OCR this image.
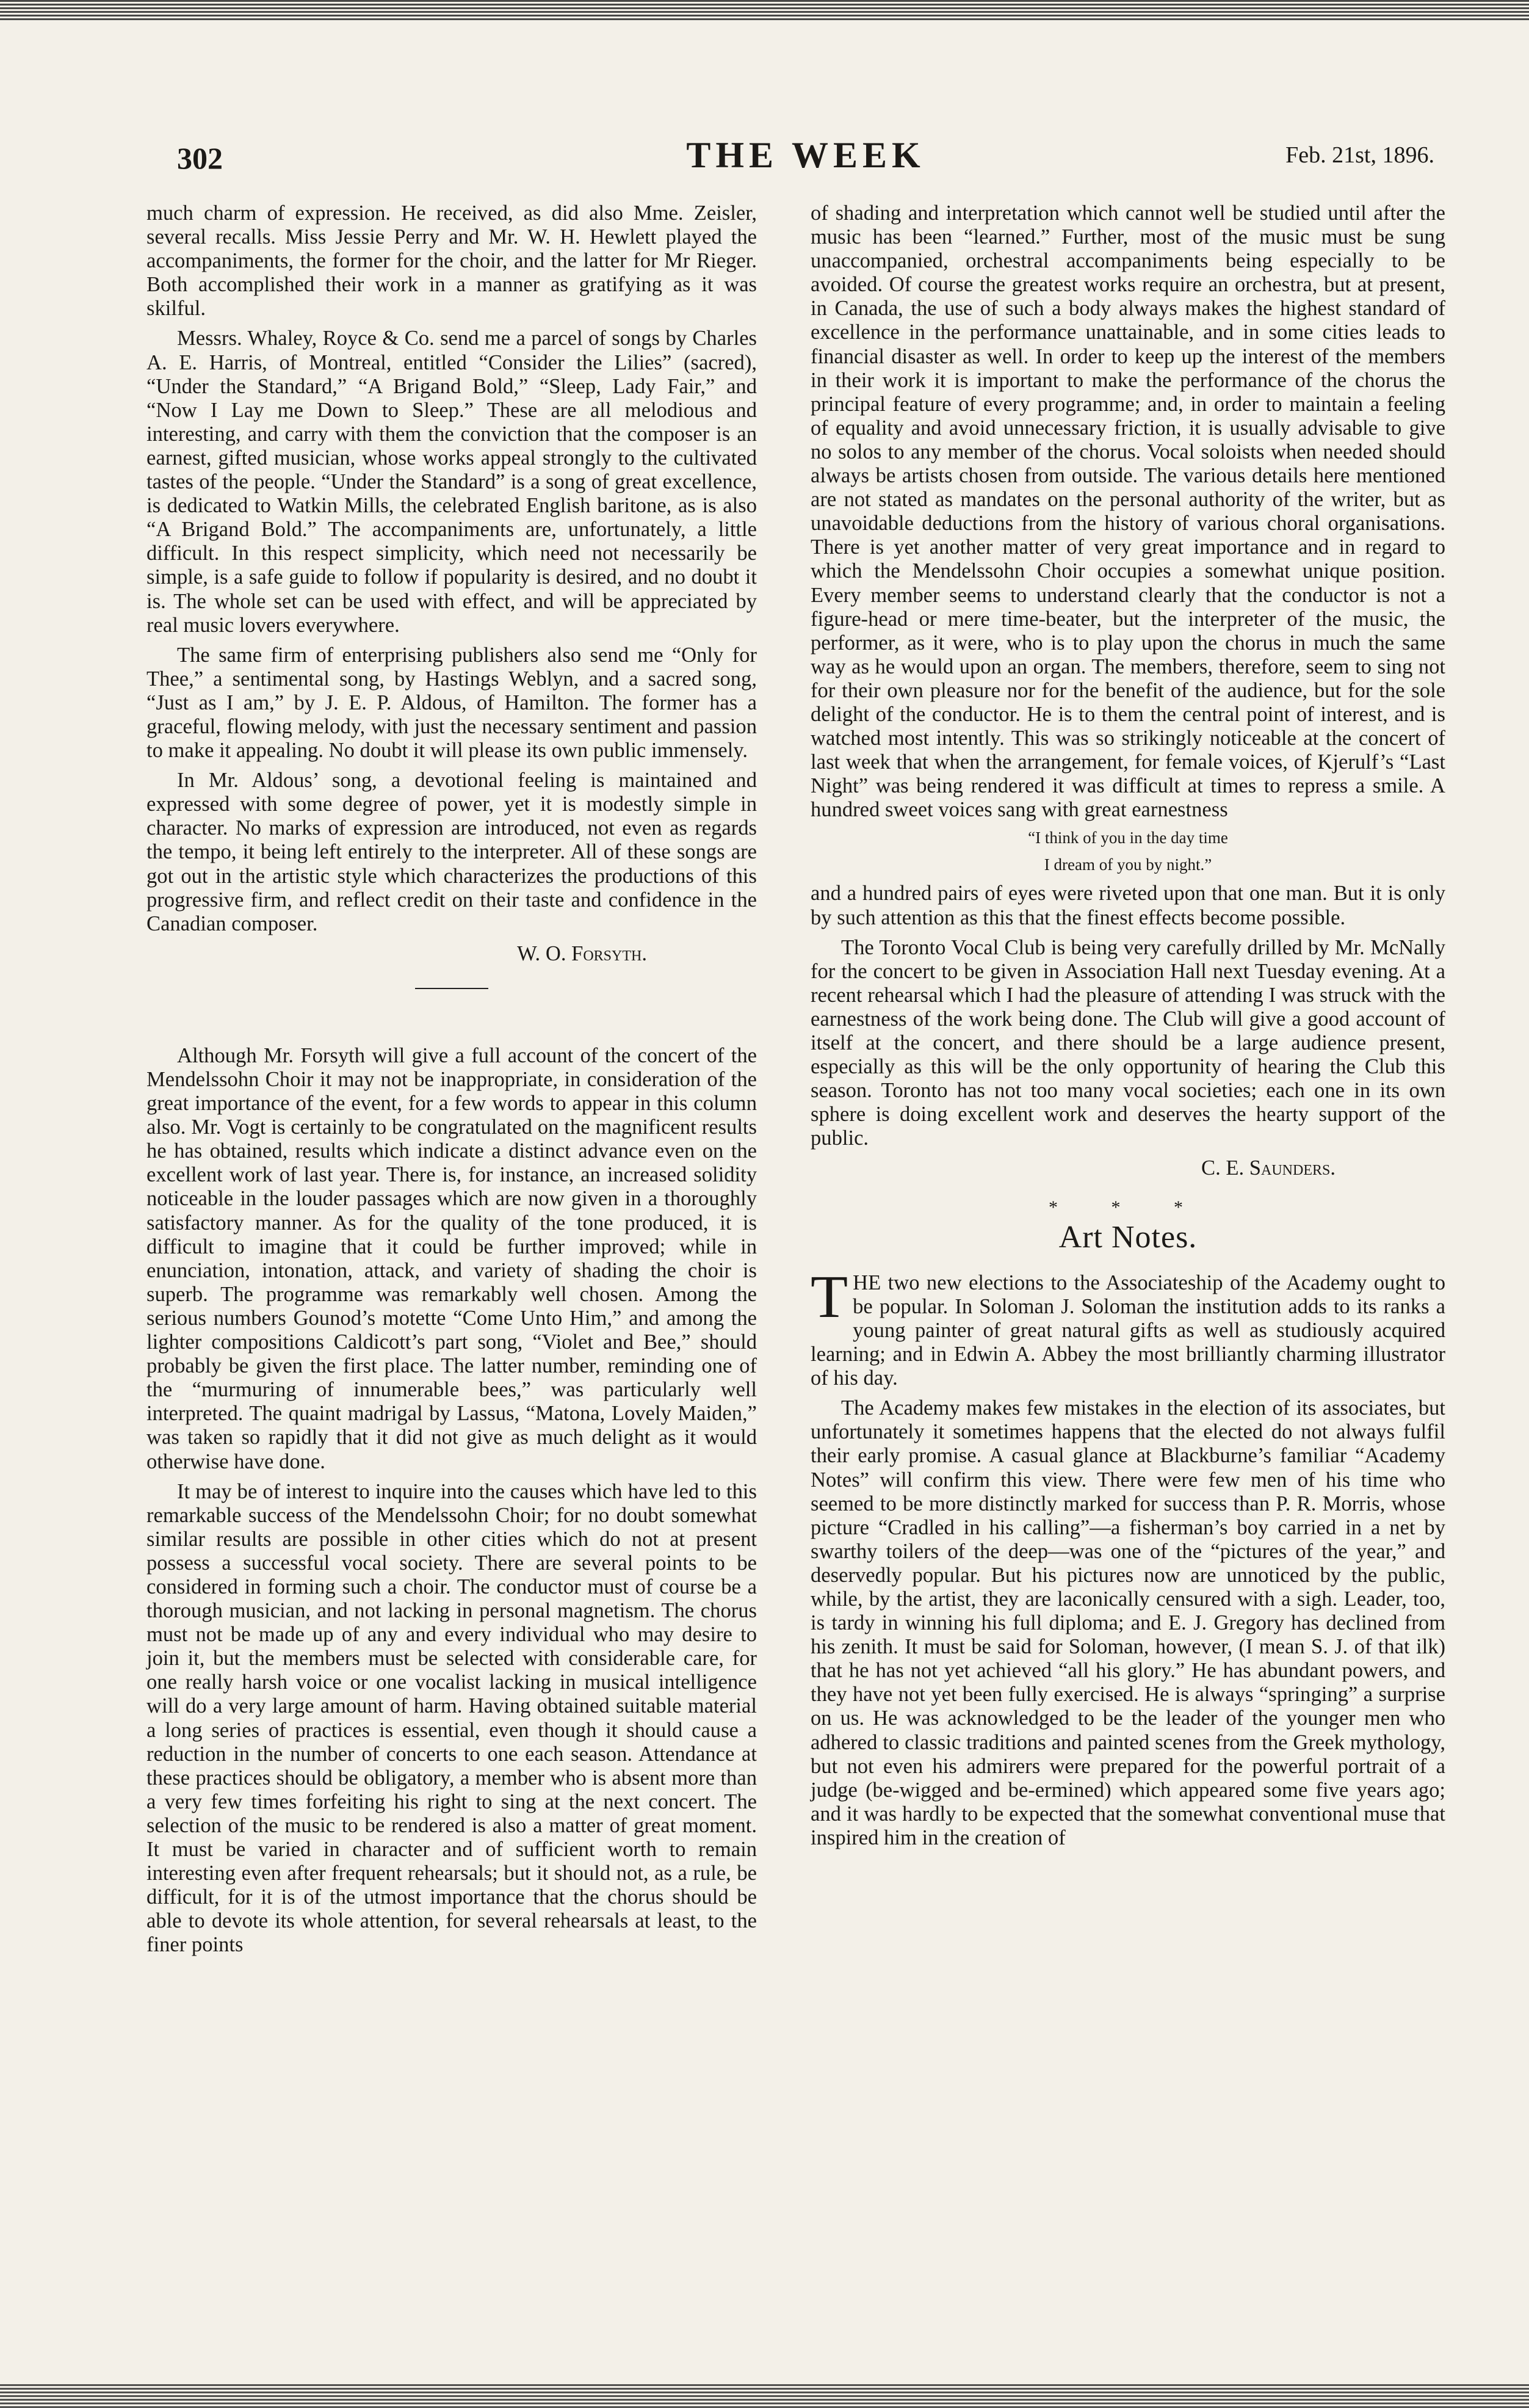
302	THE WEEK	Feb. 21st, 1896.

much charm of expression. He received, as did also Mme. Zeisler, several recalls. Miss Jessie Perry and Mr. W. H. Hewlett played the accompaniments, the former for the choir, and the latter for Mr Rieger. Both accomplished their work in a manner as gratifying as it was skilful.

Messrs. Whaley, Royce & Co. send me a parcel of songs by Charles A. E. Harris, of Montreal, entitled “Consider the Lilies” (sacred), “Under the Standard,” “A Brigand Bold,” “Sleep, Lady Fair,” and “Now I Lay me Down to Sleep.” These are all melodious and interesting, and carry with them the conviction that the composer is an earnest, gifted musician, whose works appeal strongly to the cultivated tastes of the people. “Under the Standard” is a song of great excellence, is dedicated to Watkin Mills, the celebrated English baritone, as is also “A Brigand Bold.” The accompaniments are, unfortunately, a little difficult. In this respect simplicity, which need not necessarily be simple, is a safe guide to follow if popularity is desired, and no doubt it is. The whole set can be used with effect, and will be appreciated by real music lovers everywhere.

The same firm of enterprising publishers also send me “Only for Thee,” a sentimental song, by Hastings Weblyn, and a sacred song, “Just as I am,” by J. E. P. Aldous, of Hamilton. The former has a graceful, flowing melody, with just the necessary sentiment and passion to make it appealing. No doubt it will please its own public immensely.

In Mr. Aldous’ song, a devotional feeling is maintained and expressed with some degree of power, yet it is modestly simple in character. No marks of expression are introduced, not even as regards the tempo, it being left entirely to the interpreter. All of these songs are got out in the artistic style which characterizes the productions of this progressive firm, and reflect credit on their taste and confidence in the Canadian composer.

W. O. Forsyth.

Although Mr. Forsyth will give a full account of the concert of the Mendelssohn Choir it may not be inappropriate, in consideration of the great importance of the event, for a few words to appear in this column also. Mr. Vogt is certainly to be congratulated on the magnificent results he has obtained, results which indicate a distinct advance even on the excellent work of last year. There is, for instance, an increased solidity noticeable in the louder passages which are now given in a thoroughly satisfactory manner. As for the quality of the tone produced, it is difficult to imagine that it could be further improved; while in enunciation, intonation, attack, and variety of shading the choir is superb. The programme was remarkably well chosen. Among the serious numbers Gounod’s motette “Come Unto Him,” and among the lighter compositions Caldicott’s part song, “Violet and Bee,” should probably be given the first place. The latter number, reminding one of the “murmuring of innumerable bees,” was particularly well interpreted. The quaint madrigal by Lassus, “Matona, Lovely Maiden,” was taken so rapidly that it did not give as much delight as it would otherwise have done.

It may be of interest to inquire into the causes which have led to this remarkable success of the Mendelssohn Choir; for no doubt somewhat similar results are possible in other cities which do not at present possess a successful vocal society. There are several points to be considered in forming such a choir. The conductor must of course be a thorough musician, and not lacking in personal magnetism. The chorus must not be made up of any and every individual who may desire to join it, but the members must be selected with considerable care, for one really harsh voice or one vocalist lacking in musical intelligence will do a very large amount of harm. Having obtained suitable material a long series of practices is essential, even though it should cause a reduction in the number of concerts to one each season. Attendance at these practices should be obligatory, a member who is absent more than a very few times forfeiting his right to sing at the next concert. The selection of the music to be rendered is also a matter of great moment. It must be varied in character and of sufficient worth to remain interesting even after frequent rehearsals; but it should not, as a rule, be difficult, for it is of the utmost importance that the chorus should be able to devote its whole attention, for several rehearsals at least, to the finer points

of shading and interpretation which cannot well be studied until after the music has been “learned.” Further, most of the music must be sung unaccompanied, orchestral accompaniments being especially to be avoided. Of course the greatest works require an orchestra, but at present, in Canada, the use of such a body always makes the highest standard of excellence in the performance unattainable, and in some cities leads to financial disaster as well. In order to keep up the interest of the members in their work it is important to make the performance of the chorus the principal feature of every programme; and, in order to maintain a feeling of equality and avoid unnecessary friction, it is usually advisable to give no solos to any member of the chorus. Vocal soloists when needed should always be artists chosen from outside. The various details here mentioned are not stated as mandates on the personal authority of the writer, but as unavoidable deductions from the history of various choral organisations. There is yet another matter of very great importance and in regard to which the Mendelssohn Choir occupies a somewhat unique position. Every member seems to understand clearly that the conductor is not a figure-head or mere time-beater, but the interpreter of the music, the performer, as it were, who is to play upon the chorus in much the same way as he would upon an organ. The members, therefore, seem to sing not for their own pleasure nor for the benefit of the audience, but for the sole delight of the conductor. He is to them the central point of interest, and is watched most intently. This was so strikingly noticeable at the concert of last week that when the arrangement, for female voices, of Kjerulf’s “Last Night” was being rendered it was difficult at times to repress a smile. A hundred sweet voices sang with great earnestness

“I think of you in the day time
I dream of you by night.”

and a hundred pairs of eyes were riveted upon that one man. But it is only by such attention as this that the finest effects become possible.

The Toronto Vocal Club is being very carefully drilled by Mr. McNally for the concert to be given in Association Hall next Tuesday evening. At a recent rehearsal which I had the pleasure of attending I was struck with the earnestness of the work being done. The Club will give a good account of itself at the concert, and there should be a large audience present, especially as this will be the only opportunity of hearing the Club this season. Toronto has not too many vocal societies; each one in its own sphere is doing excellent work and deserves the hearty support of the public.

C. E. Saunders.
* * *
Art Notes.

THE two new elections to the Associateship of the Academy ought to be popular. In Soloman J. Soloman the institution adds to its ranks a young painter of great natural gifts as well as studiously acquired learning; and in Edwin A. Abbey the most brilliantly charming illustrator of his day.

The Academy makes few mistakes in the election of its associates, but unfortunately it sometimes happens that the elected do not always fulfil their early promise. A casual glance at Blackburne’s familiar “Academy Notes” will confirm this view. There were few men of his time who seemed to be more distinctly marked for success than P. R. Morris, whose picture “Cradled in his calling”—a fisherman’s boy carried in a net by swarthy toilers of the deep—was one of the “pictures of the year,” and deservedly popular. But his pictures now are unnoticed by the public, while, by the artist, they are laconically censured with a sigh. Leader, too, is tardy in winning his full diploma; and E. J. Gregory has declined from his zenith. It must be said for Soloman, however, (I mean S. J. of that ilk) that he has not yet achieved “all his glory.” He has abundant powers, and they have not yet been fully exercised. He is always “springing” a surprise on us. He was acknowledged to be the leader of the younger men who adhered to classic traditions and painted scenes from the Greek mythology, but not even his admirers were prepared for the powerful portrait of a judge (be-wigged and be-ermined) which appeared some five years ago; and it was hardly to be expected that the somewhat conventional muse that inspired him in the creation of
